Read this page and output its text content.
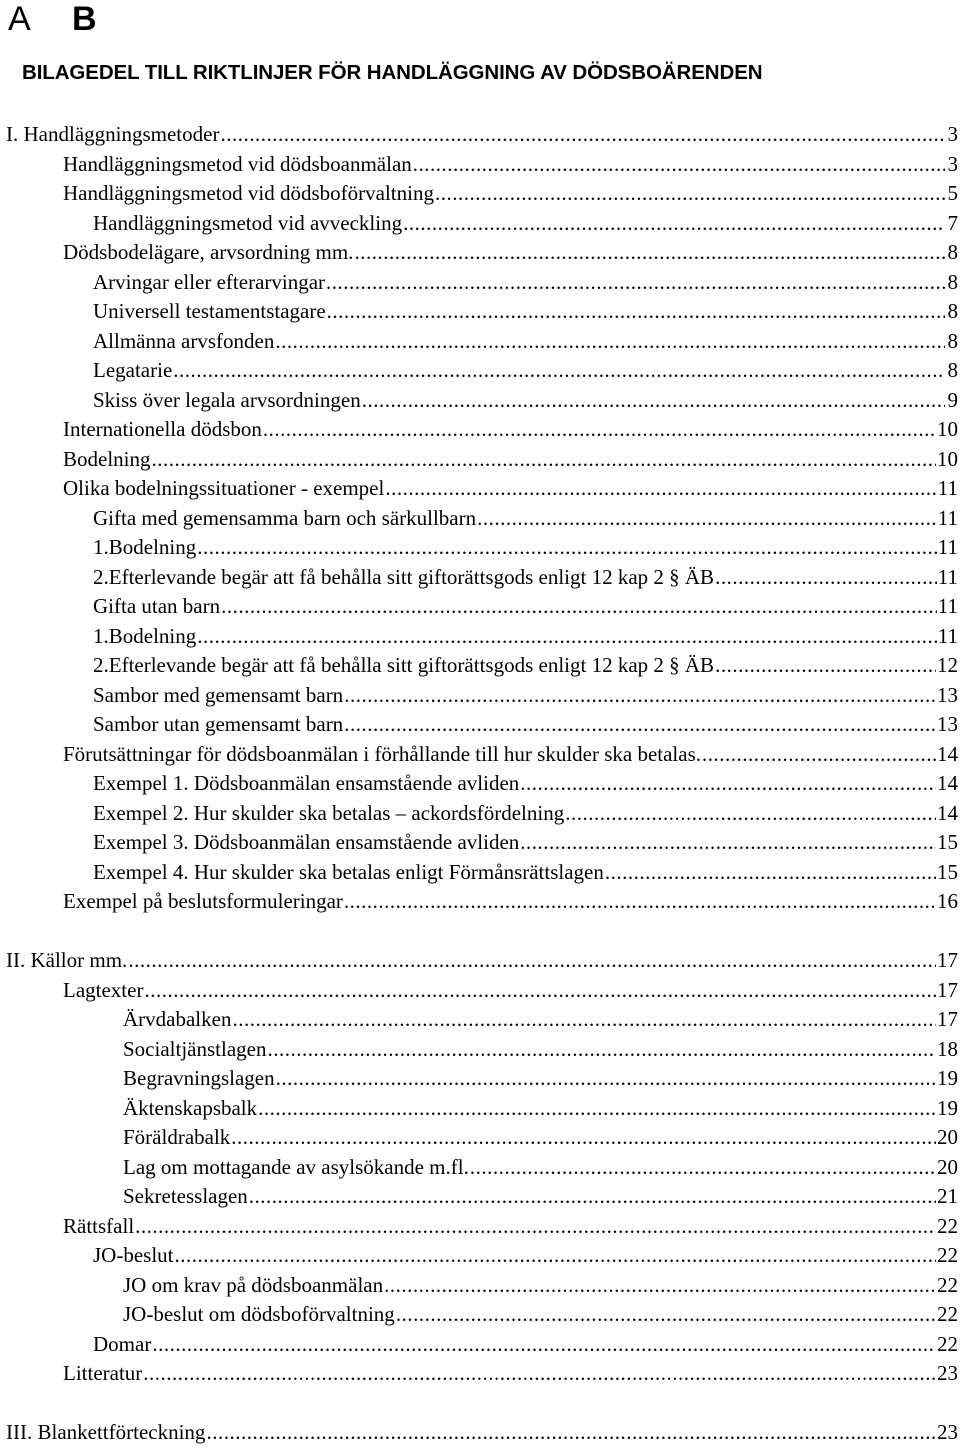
A B
BILAGEDEL TILL RIKTLINJER FÖR HANDLÄGGNING AV DÖDSBOÄRENDEN
I. Handläggningsmetoder .....	3
Handläggningsmetod vid dödsboanmälan .....	3
Handläggningsmetod vid dödsboförvaltning .....	5
Handläggningsmetod vid avveckling .....	7
Dödsbodelägare, arvsordning mm. .....	8
Arvingar eller efterarvingar .....	8
Universell testamentstagare .....	8
Allmänna arvsfonden .....	8
Legatarie .....	8
Skiss över legala arvsordningen .....	9
Internationella dödsbon .....	10
Bodelning .....	10
Olika bodelningssituationer - exempel .....	11
Gifta med gemensamma barn och särkullbarn .....	11
1.Bodelning .....	11
2.Efterlevande begär att få behålla sitt giftorättsgods enligt 12 kap 2 § ÄB .....	11
Gifta utan barn .....	11
1.Bodelning .....	11
2.Efterlevande begär att få behålla sitt giftorättsgods enligt 12 kap 2 § ÄB .....	12
Sambor med gemensamt barn .....	13
Sambor utan gemensamt barn .....	13
Förutsättningar för dödsboanmälan i förhållande till hur skulder ska betalas. .....	14
Exempel 1. Dödsboanmälan ensamstående avliden .....	14
Exempel 2. Hur skulder ska betalas – ackordsfördelning .....	14
Exempel 3. Dödsboanmälan ensamstående avliden .....	15
Exempel 4. Hur skulder ska betalas enligt Förmånsrättslagen .....	15
Exempel på beslutsformuleringar .....	16
II. Källor mm. .....	17
Lagtexter .....	17
Ärvdabalken .....	17
Socialtjänstlagen .....	18
Begravningslagen .....	19
Äktenskapsbalk .....	19
Föräldrabalk .....	20
Lag om mottagande av asylsökande m.fl. .....	20
Sekretesslagen .....	21
Rättsfall .....	22
JO-beslut .....	22
JO om krav på dödsboanmälan .....	22
JO-beslut om dödsboförvaltning .....	22
Domar .....	22
Litteratur .....	23
III. Blankettförteckning .....	23
